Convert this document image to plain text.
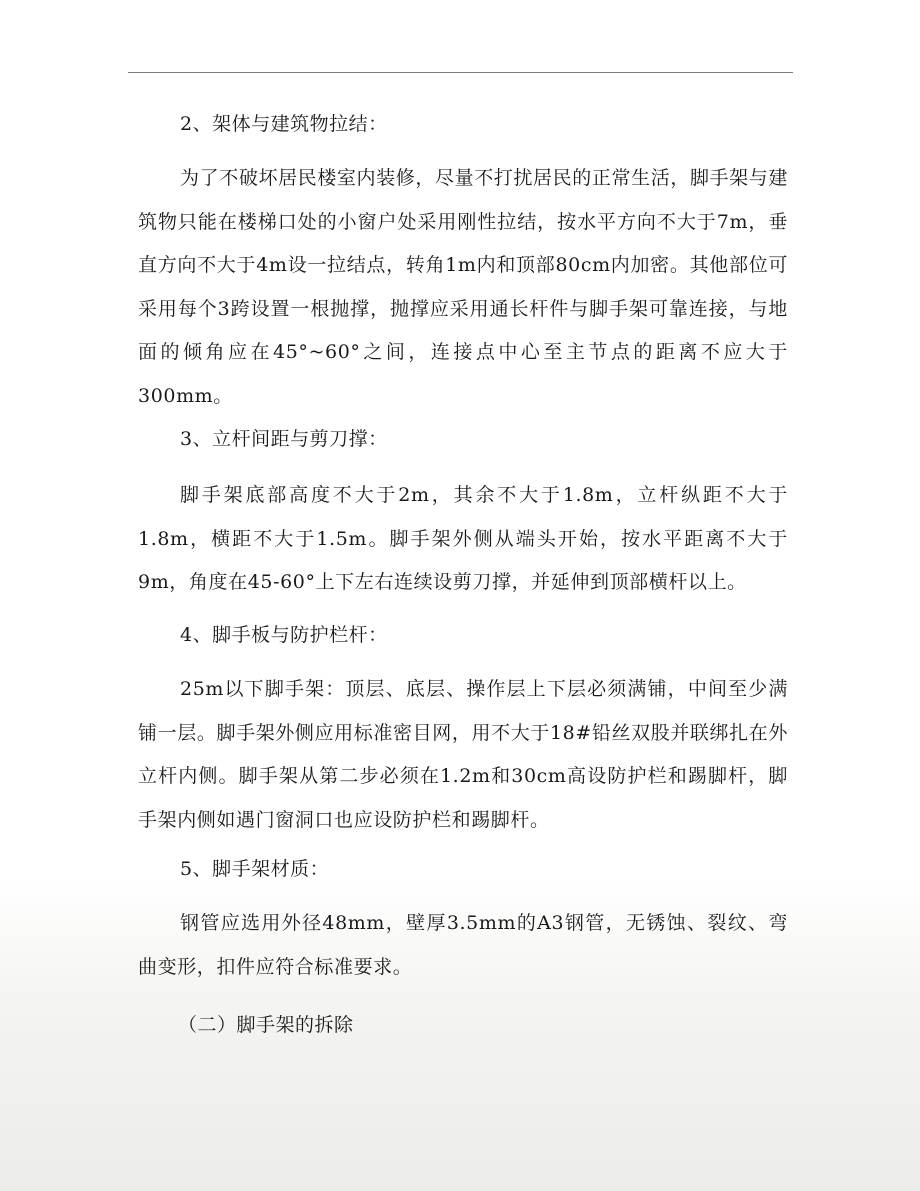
2、架体与建筑物拉结：
为了不破坏居民楼室内装修，尽量不打扰居民的正常生活，脚手架与建筑物只能在楼梯口处的小窗户处采用刚性拉结，按水平方向不大于7m，垂直方向不大于4m设一拉结点，转角1m内和顶部80cm内加密。其他部位可采用每个3跨设置一根抛撑，抛撑应采用通长杆件与脚手架可靠连接，与地面的倾角应在45°~60°之间，连接点中心至主节点的距离不应大于300mm。
3、立杆间距与剪刀撑：
脚手架底部高度不大于2m，其余不大于1.8m，立杆纵距不大于1.8m，横距不大于1.5m。脚手架外侧从端头开始，按水平距离不大于9m，角度在45-60°上下左右连续设剪刀撑，并延伸到顶部横杆以上。
4、脚手板与防护栏杆：
25m以下脚手架：顶层、底层、操作层上下层必须满铺，中间至少满铺一层。脚手架外侧应用标准密目网，用不大于18#铅丝双股并联绑扎在外立杆内侧。脚手架从第二步必须在1.2m和30cm高设防护栏和踢脚杆，脚手架内侧如遇门窗洞口也应设防护栏和踢脚杆。
5、脚手架材质：
钢管应选用外径48mm，壁厚3.5mm的A3钢管，无锈蚀、裂纹、弯曲变形，扣件应符合标准要求。
（二）脚手架的拆除
